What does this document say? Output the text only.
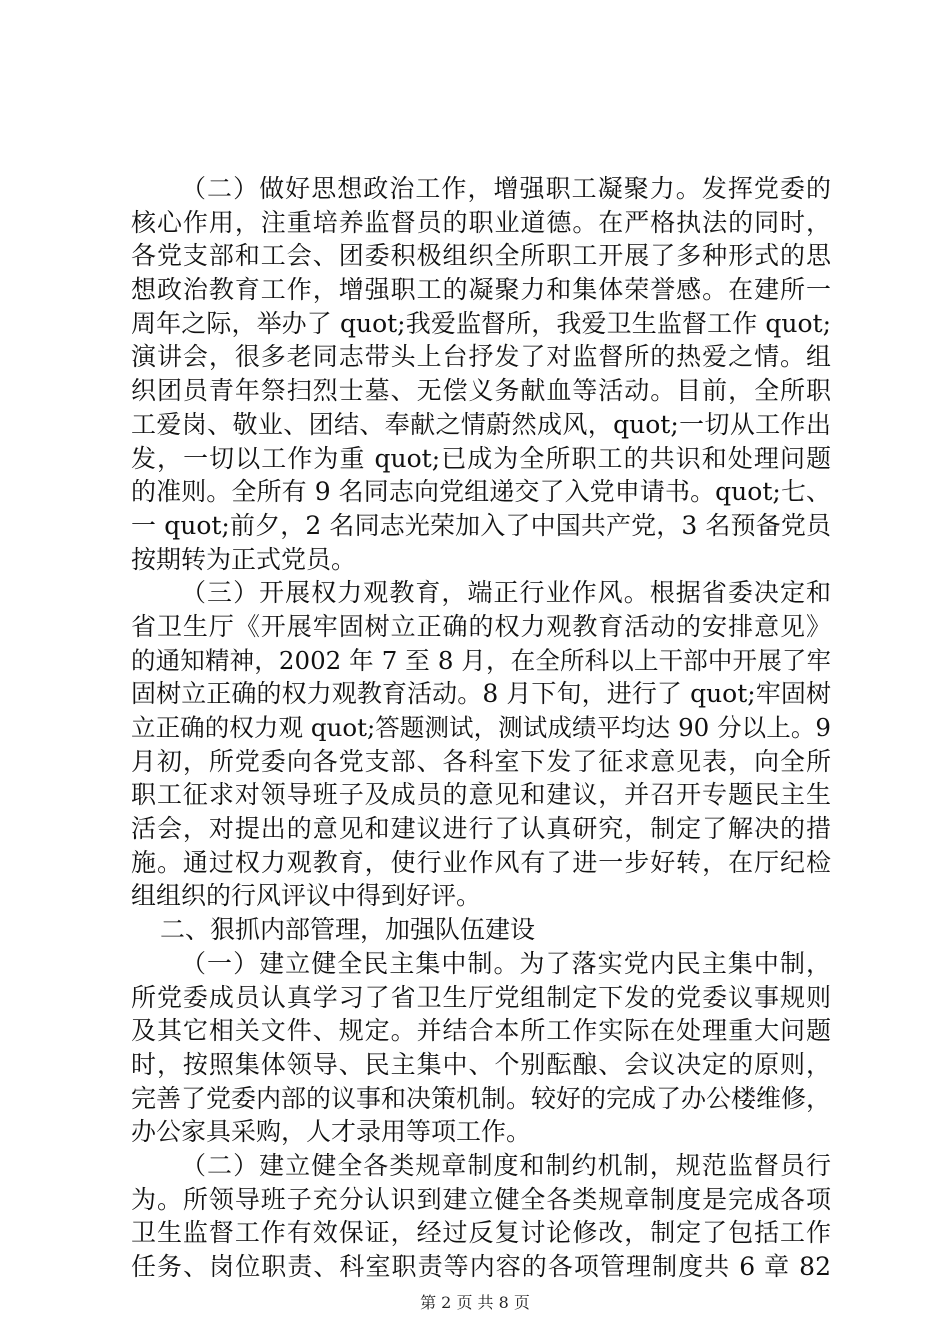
（二）做好思想政治工作，增强职工凝聚力。发挥党委的
核心作用，注重培养监督员的职业道德。在严格执法的同时，
各党支部和工会、团委积极组织全所职工开展了多种形式的思
想政治教育工作，增强职工的凝聚力和集体荣誉感。在建所一
周年之际，举办了 quot;我爱监督所，我爱卫生监督工作 quot;
演讲会，很多老同志带头上台抒发了对监督所的热爱之情。组
织团员青年祭扫烈士墓、无偿义务献血等活动。目前，全所职
工爱岗、敬业、团结、奉献之情蔚然成风，quot;一切从工作出
发，一切以工作为重 quot;已成为全所职工的共识和处理问题
的准则。全所有 9 名同志向党组递交了入党申请书。quot;七、
一 quot;前夕，2 名同志光荣加入了中国共产党，3 名预备党员
按期转为正式党员。
（三）开展权力观教育，端正行业作风。根据省委决定和
省卫生厅《开展牢固树立正确的权力观教育活动的安排意见》
的通知精神，2002 年 7 至 8 月，在全所科以上干部中开展了牢
固树立正确的权力观教育活动。8 月下旬，进行了 quot;牢固树
立正确的权力观 quot;答题测试，测试成绩平均达 90 分以上。9
月初，所党委向各党支部、各科室下发了征求意见表，向全所
职工征求对领导班子及成员的意见和建议，并召开专题民主生
活会，对提出的意见和建议进行了认真研究，制定了解决的措
施。通过权力观教育，使行业作风有了进一步好转，在厅纪检
组组织的行风评议中得到好评。
二、狠抓内部管理，加强队伍建设
（一）建立健全民主集中制。为了落实党内民主集中制，
所党委成员认真学习了省卫生厅党组制定下发的党委议事规则
及其它相关文件、规定。并结合本所工作实际在处理重大问题
时，按照集体领导、民主集中、个别酝酿、会议决定的原则，
完善了党委内部的议事和决策机制。较好的完成了办公楼维修，
办公家具采购，人才录用等项工作。
（二）建立健全各类规章制度和制约机制，规范监督员行
为。所领导班子充分认识到建立健全各类规章制度是完成各项
卫生监督工作有效保证，经过反复讨论修改，制定了包括工作
任务、岗位职责、科室职责等内容的各项管理制度共 6 章 82
第 2 页 共 8 页
